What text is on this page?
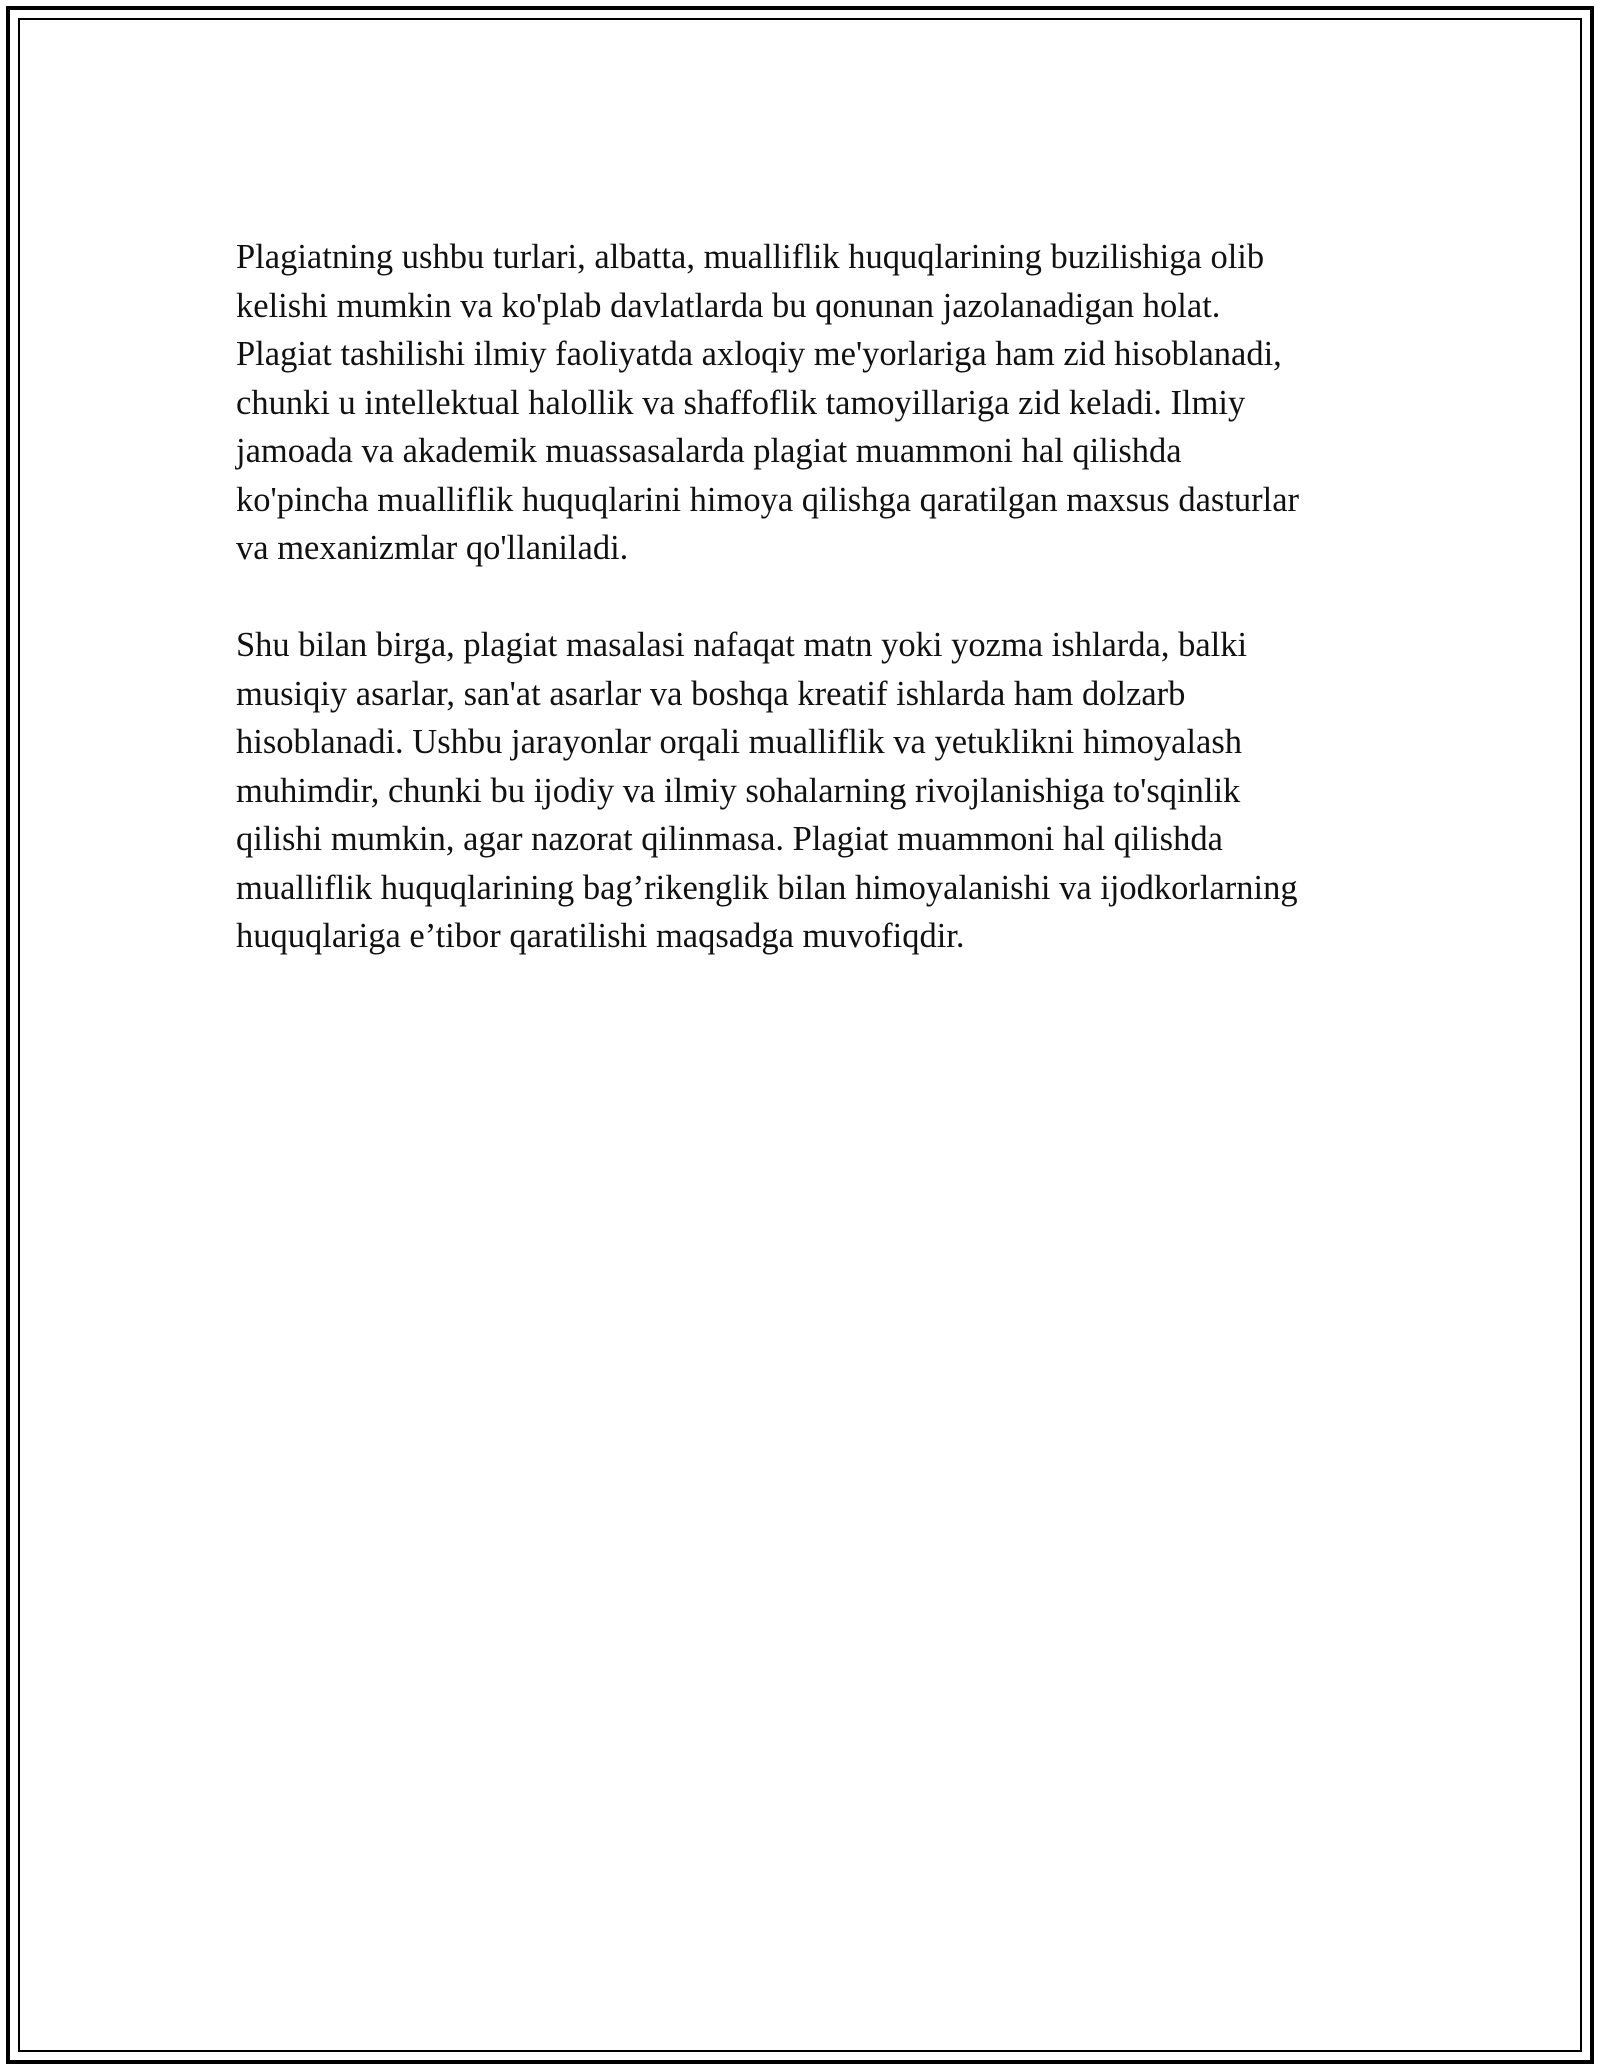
Plagiatning ushbu turlari, albatta, mualliflik huquqlarining buzilishiga olib
kelishi mumkin va ko'plab davlatlarda bu qonunan jazolanadigan holat.
Plagiat tashilishi ilmiy faoliyatda axloqiy me'yorlariga ham zid hisoblanadi,
chunki u intellektual halollik va shaffoflik tamoyillariga zid keladi. Ilmiy
jamoada va akademik muassasalarda plagiat muammoni hal qilishda
ko'pincha mualliflik huquqlarini himoya qilishga qaratilgan maxsus dasturlar
va mexanizmlar qo'llaniladi.

Shu bilan birga, plagiat masalasi nafaqat matn yoki yozma ishlarda, balki
musiqiy asarlar, san'at asarlar va boshqa kreatif ishlarda ham dolzarb
hisoblanadi. Ushbu jarayonlar orqali mualliflik va yetuklikni himoyalash
muhimdir, chunki bu ijodiy va ilmiy sohalarning rivojlanishiga to'sqinlik
qilishi mumkin, agar nazorat qilinmasa. Plagiat muammoni hal qilishda
mualliflik huquqlarining bag’rikenglik bilan himoyalanishi va ijodkorlarning
huquqlariga e’tibor qaratilishi maqsadga muvofiqdir.
